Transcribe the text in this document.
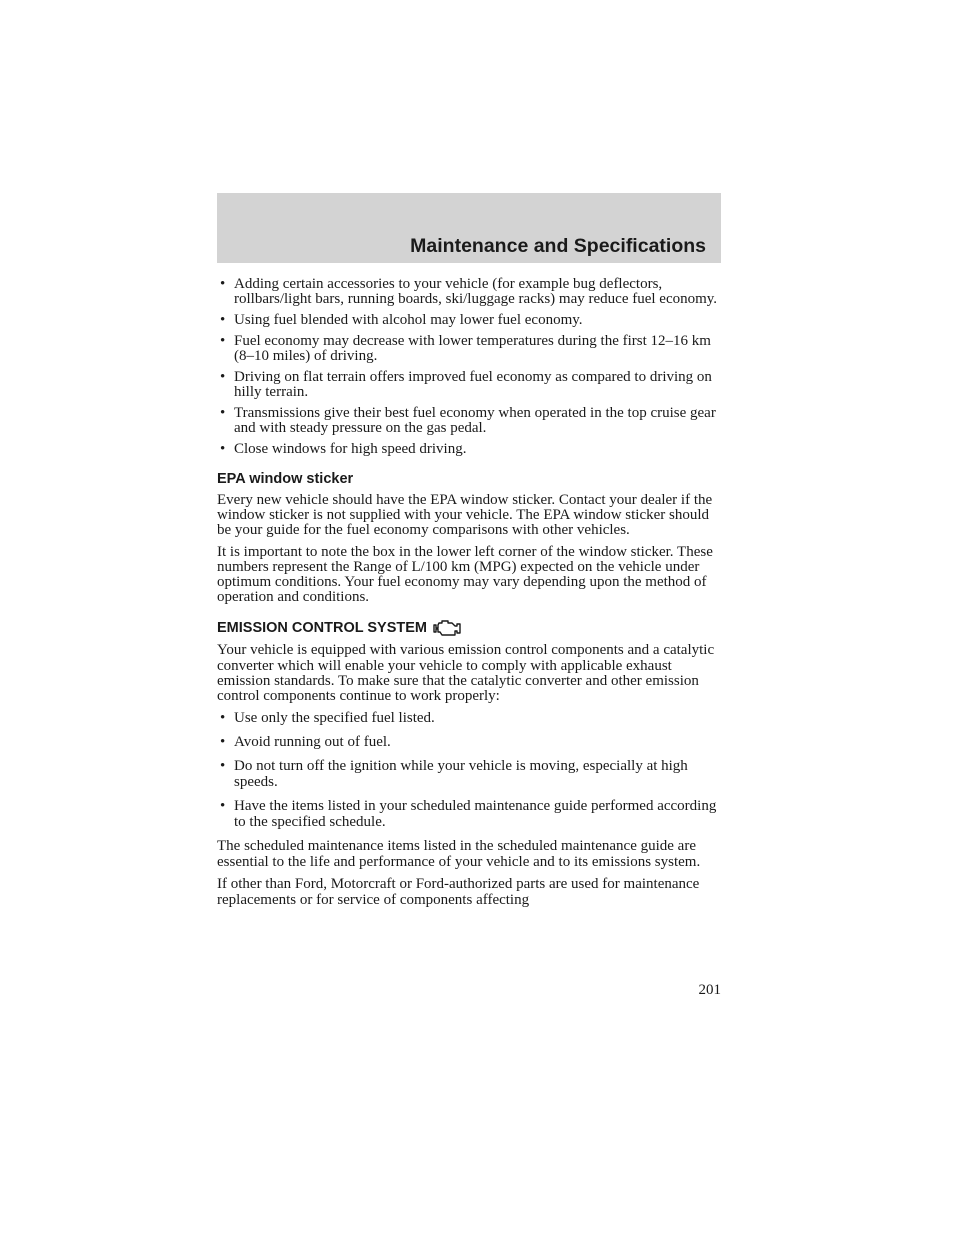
Maintenance and Specifications
• Adding certain accessories to your vehicle (for example bug deflectors, rollbars/light bars, running boards, ski/luggage racks) may reduce fuel economy.
• Using fuel blended with alcohol may lower fuel economy.
• Fuel economy may decrease with lower temperatures during the first 12–16 km (8–10 miles) of driving.
• Driving on flat terrain offers improved fuel economy as compared to driving on hilly terrain.
• Transmissions give their best fuel economy when operated in the top cruise gear and with steady pressure on the gas pedal.
• Close windows for high speed driving.
EPA window sticker

Every new vehicle should have the EPA window sticker. Contact your dealer if the window sticker is not supplied with your vehicle. The EPA window sticker should be your guide for the fuel economy comparisons with other vehicles.

It is important to note the box in the lower left corner of the window sticker. These numbers represent the Range of L/100 km (MPG) expected on the vehicle under optimum conditions. Your fuel economy may vary depending upon the method of operation and conditions.

EMISSION CONTROL SYSTEM

Your vehicle is equipped with various emission control components and a catalytic converter which will enable your vehicle to comply with applicable exhaust emission standards. To make sure that the catalytic converter and other emission control components continue to work properly:

• Use only the specified fuel listed.
• Avoid running out of fuel.
• Do not turn off the ignition while your vehicle is moving, especially at high speeds.
• Have the items listed in your scheduled maintenance guide performed according to the specified schedule.

The scheduled maintenance items listed in the scheduled maintenance guide are essential to the life and performance of your vehicle and to its emissions system.

If other than Ford, Motorcraft or Ford-authorized parts are used for maintenance replacements or for service of components affecting

201
